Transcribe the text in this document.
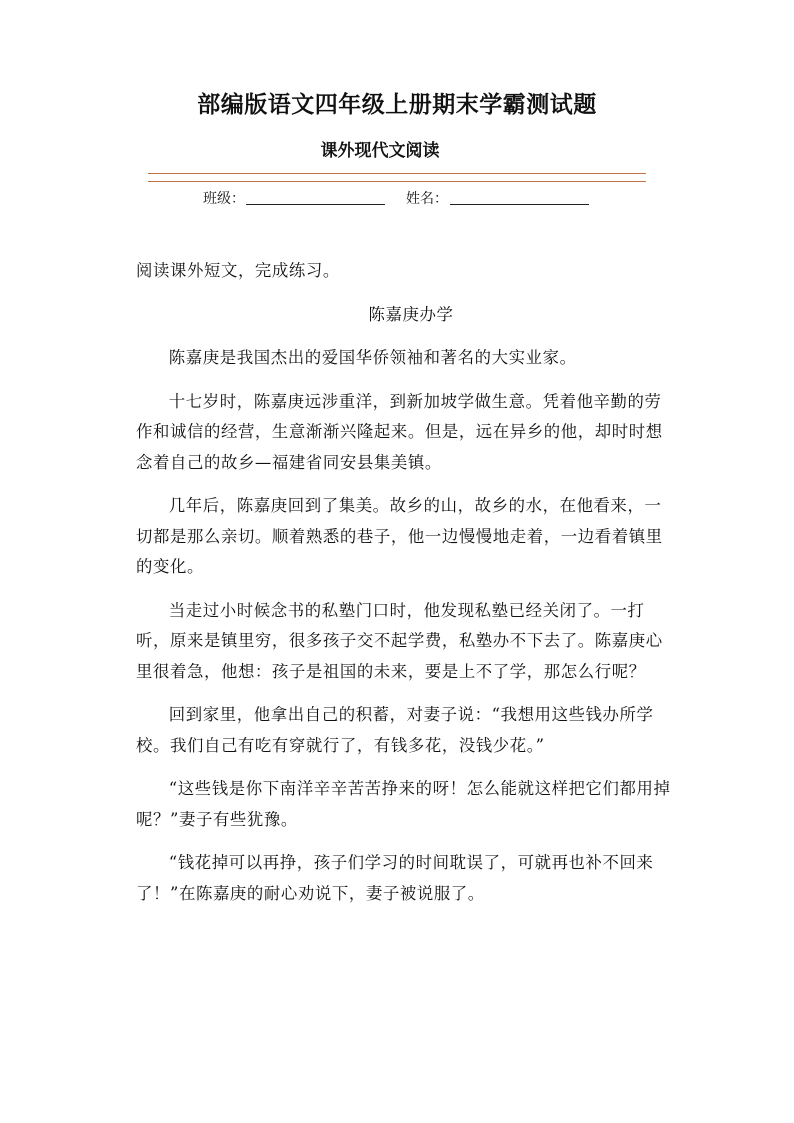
部编版语文四年级上册期末学霸测试题
课外现代文阅读
班级：	姓名：

阅读课外短文，完成练习。

陈嘉庚办学

陈嘉庚是我国杰出的爱国华侨领袖和著名的大实业家。

十七岁时，陈嘉庚远涉重洋，到新加坡学做生意。凭着他辛勤的劳作和诚信的经营，生意渐渐兴隆起来。但是，远在异乡的他，却时时想念着自己的故乡—福建省同安县集美镇。

几年后，陈嘉庚回到了集美。故乡的山，故乡的水，在他看来，一切都是那么亲切。顺着熟悉的巷子，他一边慢慢地走着，一边看着镇里的变化。

当走过小时候念书的私塾门口时，他发现私塾已经关闭了。一打听，原来是镇里穷，很多孩子交不起学费，私塾办不下去了。陈嘉庚心里很着急，他想：孩子是祖国的未来，要是上不了学，那怎么行呢？

回到家里，他拿出自己的积蓄，对妻子说：“我想用这些钱办所学校。我们自己有吃有穿就行了，有钱多花，没钱少花。”

“这些钱是你下南洋辛辛苦苦挣来的呀！怎么能就这样把它们都用掉呢？”妻子有些犹豫。

“钱花掉可以再挣，孩子们学习的时间耽误了，可就再也补不回来了！”在陈嘉庚的耐心劝说下，妻子被说服了。
